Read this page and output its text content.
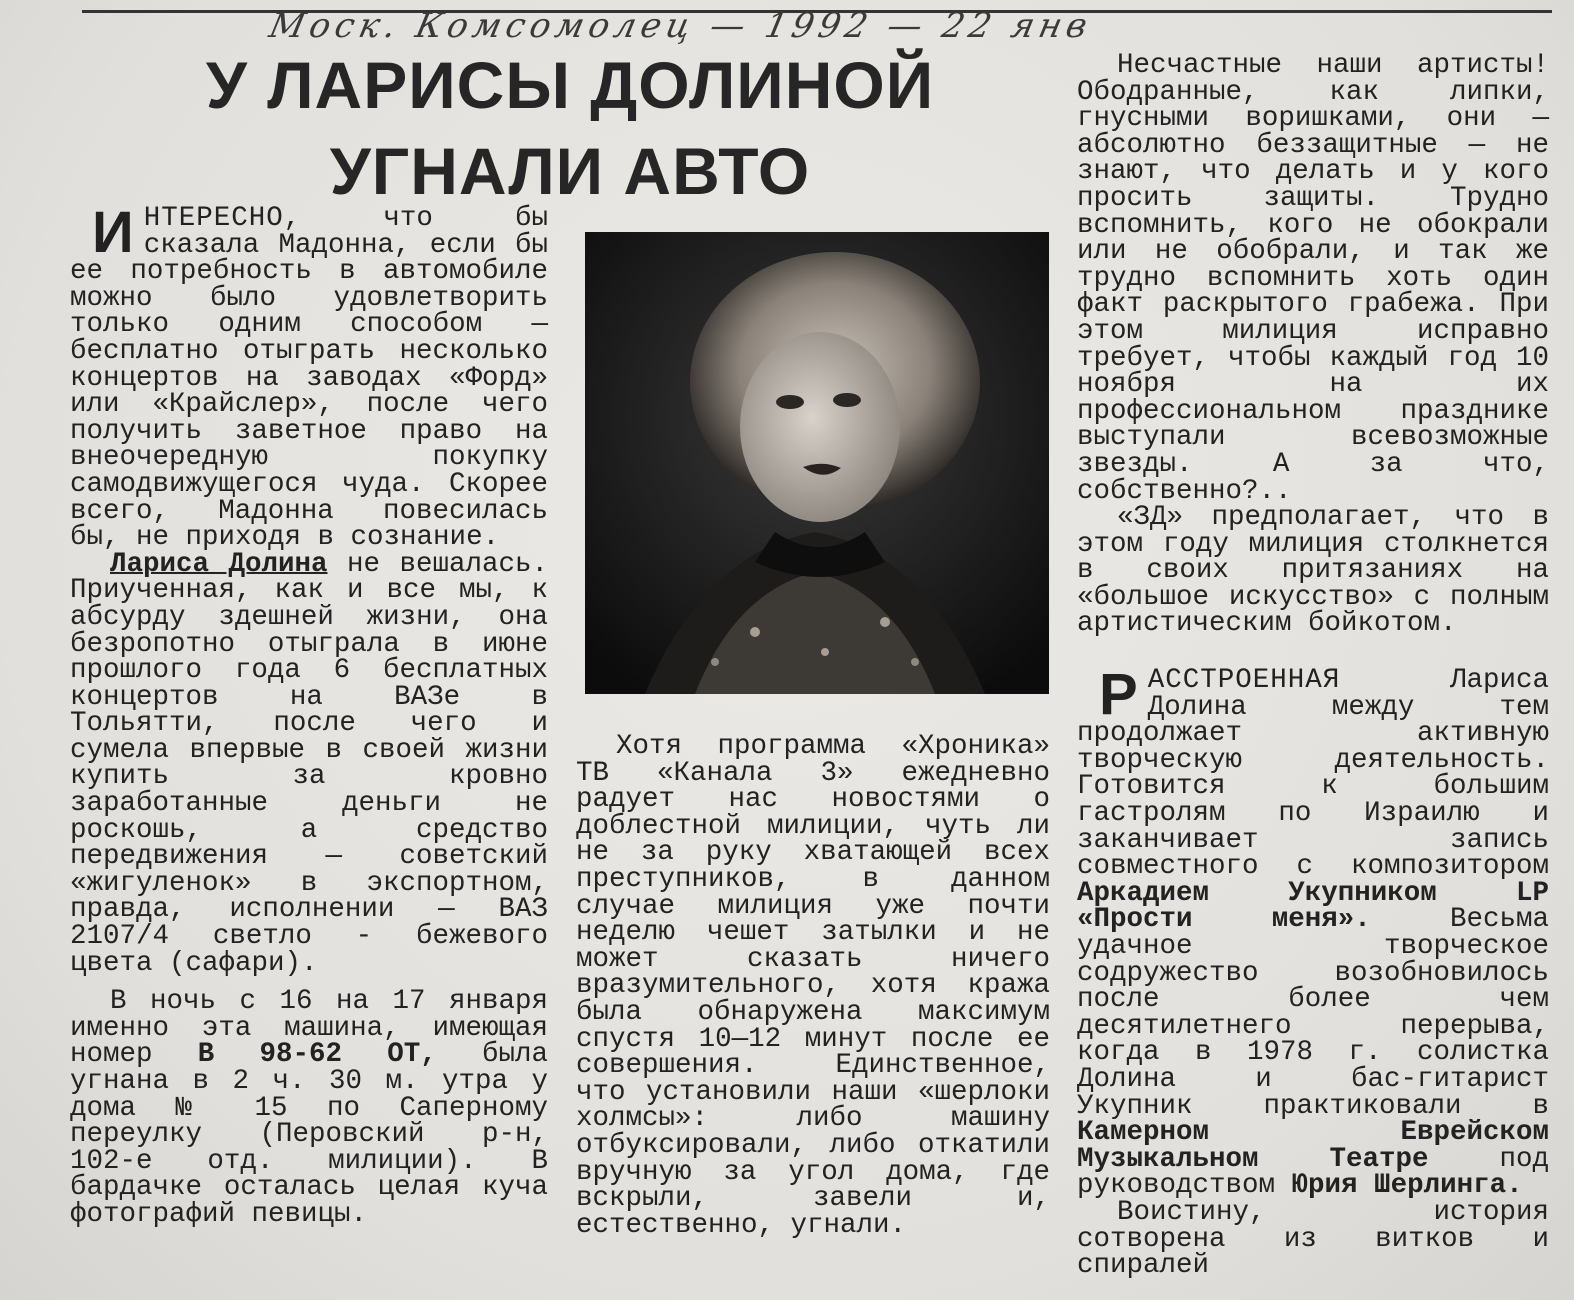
Моск. Комсомолец — 1992 — 22 янв
У ЛАРИСЫ ДОЛИНОЙ
УГНАЛИ АВТО

ИНТЕРЕСНО, что бы сказала Мадонна, если бы ее потребность в автомобиле можно было удовлетворить только одним способом — бесплатно отыграть несколько концертов на заводах «Форд» или «Крайслер», после чего получить заветное право на внеочередную покупку самодвижущегося чуда. Скорее всего, Мадонна повесилась бы, не приходя в сознание.

Лариса Долина не вешалась. Приученная, как и все мы, к абсурду здешней жизни, она безропотно отыграла в июне прошлого года 6 бесплатных концертов на ВАЗе в Тольятти, после чего и сумела впервые в своей жизни купить за кровно заработанные деньги не роскошь, а средство передвижения — советский «жигуленок» в экспортном, правда, исполнении — ВАЗ 2107/4 светло - бежевого цвета (сафари).

В ночь с 16 на 17 января именно эта машина, имеющая номер В 98-62 ОТ, была угнана в 2 ч. 30 м. утра у дома № 15 по Саперному переулку (Перовский р-н, 102-е отд. милиции). В бардачке осталась целая куча фотографий певицы.

Хотя программа «Хроника» ТВ «Канала 3» ежедневно радует нас новостями о доблестной милиции, чуть ли не за руку хватающей всех преступников, в данном случае милиция уже почти неделю чешет затылки и не может сказать ничего вразумительного, хотя кража была обнаружена максимум спустя 10—12 минут после ее совершения. Единственное, что установили наши «шерлоки холмсы»: либо машину отбуксировали, либо откатили вручную за угол дома, где вскрыли, завели и, естественно, угнали.

Несчастные наши артисты! Ободранные, как липки, гнусными воришками, они — абсолютно беззащитные — не знают, что делать и у кого просить защиты. Трудно вспомнить, кого не обокрали или не обобрали, и так же трудно вспомнить хоть один факт раскрытого грабежа. При этом милиция исправно требует, чтобы каждый год 10 ноября на их профессиональном празднике выступали всевозможные звезды. А за что, собственно?..

«ЗД» предполагает, что в этом году милиция столкнется в своих притязаниях на «большое искусство» с полным артистическим бойкотом.

РАССТРОЕННАЯ Лариса Долина между тем продолжает активную творческую деятельность. Готовится к большим гастролям по Израилю и заканчивает запись совместного с композитором Аркадием Укупником LP «Прости меня». Весьма удачное творческое содружество возобновилось после более чем десятилетнего перерыва, когда в 1978 г. солистка Долина и бас-гитарист Укупник практиковали в Камерном Еврейском Музыкальном Театре под руководством Юрия Шерлинга.

Воистину, история сотворена из витков и спиралей
